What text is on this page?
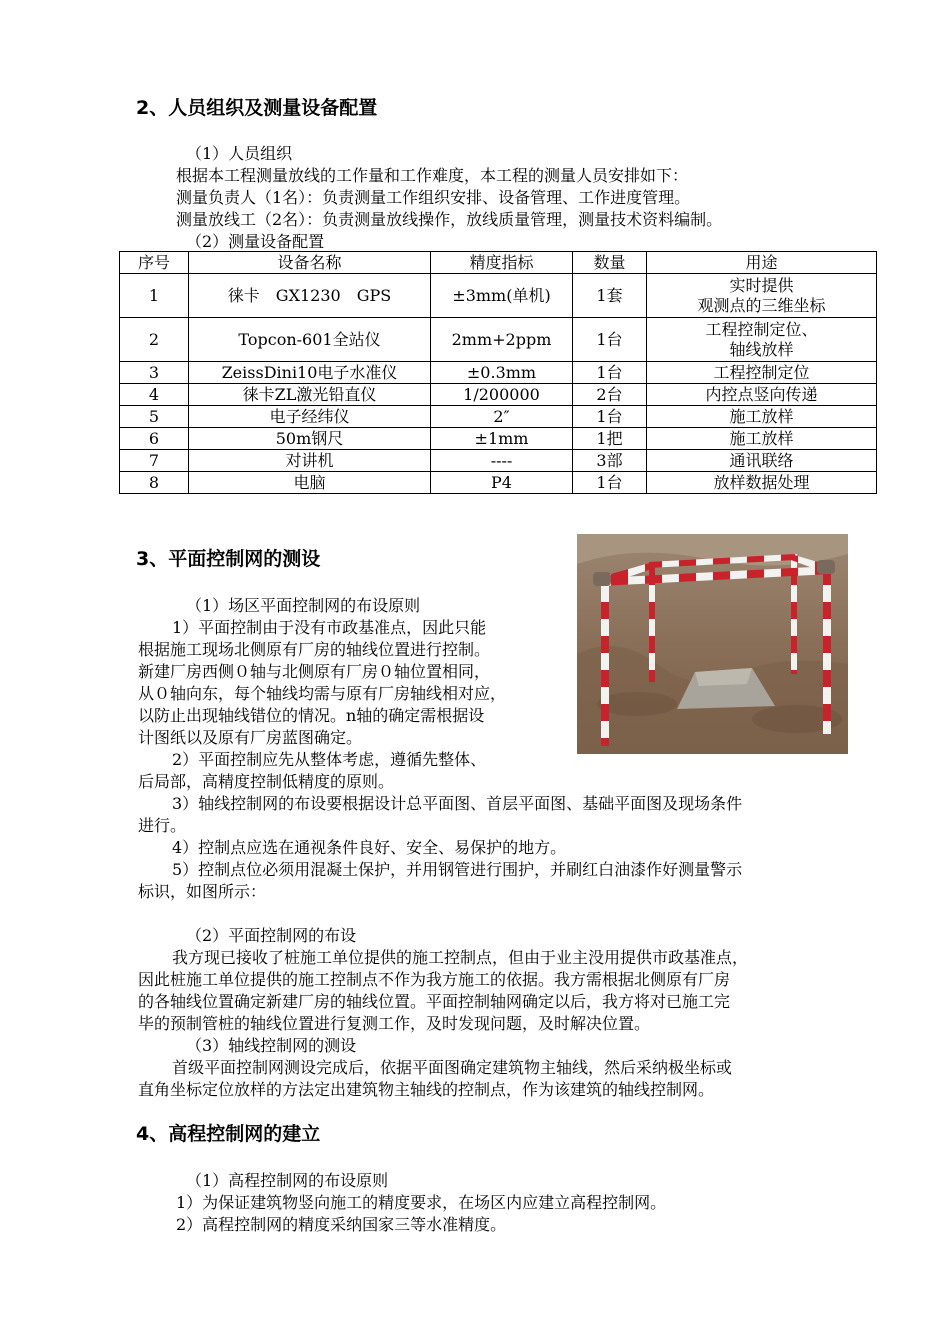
2、人员组织及测量设备配置
（1）人员组织
根据本工程测量放线的工作量和工作难度，本工程的测量人员安排如下：
测量负责人（1名）：负责测量工作组织安排、设备管理、工作进度管理。
测量放线工（2名）：负责测量放线操作，放线质量管理，测量技术资料编制。
（2）测量设备配置
序号	设备名称	精度指标	数量	用途
1	徕卡　GX1230　GPS	±3mm(单机)	1套	实时提供
观测点的三维坐标

2	Topcon-601全站仪	2mm+2ppm	1台	工程控制定位、
轴线放样

3	ZeissDini10电子水准仪	±0.3mm	1台	工程控制定位
4	徕卡ZL激光铅直仪	1/200000	2台	内控点竖向传递
5	电子经纬仪	2″	1台	施工放样
6	50m钢尺	±1mm	1把	施工放样
7	对讲机	----	3部	通讯联络
8	电脑	P4	1台	放样数据处理
3、平面控制网的测设
（1）场区平面控制网的布设原则
1）平面控制由于没有市政基准点，因此只能
根据施工现场北侧原有厂房的轴线位置进行控制。
新建厂房西侧０轴与北侧原有厂房０轴位置相同，
从０轴向东，每个轴线均需与原有厂房轴线相对应，
以防止出现轴线错位的情况。n轴的确定需根据设
计图纸以及原有厂房蓝图确定。
2）平面控制应先从整体考虑，遵循先整体、
后局部，高精度控制低精度的原则。
3）轴线控制网的布设要根据设计总平面图、首层平面图、基础平面图及现场条件
进行。
4）控制点应选在通视条件良好、安全、易保护的地方。
5）控制点位必须用混凝土保护，并用钢管进行围护，并刷红白油漆作好测量警示
标识，如图所示：
（2）平面控制网的布设
我方现已接收了桩施工单位提供的施工控制点，但由于业主没用提供市政基准点，
因此桩施工单位提供的施工控制点不作为我方施工的依据。我方需根据北侧原有厂房
的各轴线位置确定新建厂房的轴线位置。平面控制轴网确定以后，我方将对已施工完
毕的预制管桩的轴线位置进行复测工作，及时发现问题，及时解决位置。
（3）轴线控制网的测设
首级平面控制网测设完成后，依据平面图确定建筑物主轴线，然后采纳极坐标或
直角坐标定位放样的方法定出建筑物主轴线的控制点，作为该建筑的轴线控制网。
4、高程控制网的建立
（1）高程控制网的布设原则
1）为保证建筑物竖向施工的精度要求，在场区内应建立高程控制网。
2）高程控制网的精度采纳国家三等水准精度。
